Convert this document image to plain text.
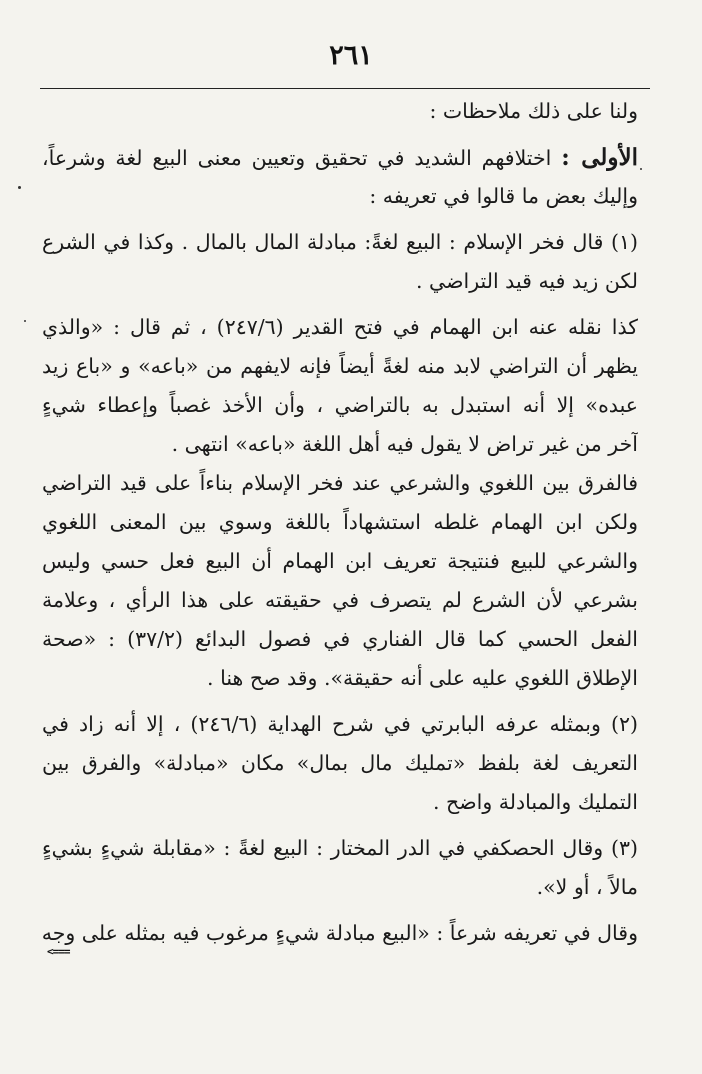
٢٦١
ولنا على ذلك ملاحظات :
الأولى : اختلافهم الشديد في تحقيق وتعيين معنى البيع لغة وشرعاً،
وإليك بعض ما قالوا في تعريفه :
(١) قال فخر الإسلام : البيع لغةً: مبادلة المال بالمال . وكذا في الشرع
لكن زيد فيه قيد التراضي .
كذا نقله عنه ابن الهمام في فتح القدير (٢٤٧/٦) ، ثم قال : «والذي
يظهر أن التراضي لابد منه لغةً أيضاً فإنه لايفهم من «باعه» و «باع زيد
عبده» إلا أنه استبدل به بالتراضي ، وأن الأخذ غصباً وإعطاء شيءٍ
آخر من غير تراض لا يقول فيه أهل اللغة «باعه» انتهى .
فالفرق بين اللغوي والشرعي عند فخر الإسلام بناءاً على قيد التراضي
ولكن ابن الهمام غلطه استشهاداً باللغة وسوي بين المعنى اللغوي
والشرعي للبيع فنتيجة تعريف ابن الهمام أن البيع فعل حسي وليس
بشرعي لأن الشرع لم يتصرف في حقيقته على هذا الرأي ، وعلامة
الفعل الحسي كما قال الفناري في فصول البدائع (٣٧/٢) : «صحة
الإطلاق اللغوي عليه على أنه حقيقة». وقد صح هنا .
(٢) وبمثله عرفه البابرتي في شرح الهداية (٢٤٦/٦) ، إلا أنه زاد في
التعريف لغة بلفظ «تمليك مال بمال» مكان «مبادلة» والفرق بين
التمليك والمبادلة واضح .
(٣) وقال الحصكفي في الدر المختار : البيع لغةً : «مقابلة شيءٍ بشيءٍ
مالاً ، أو لا».
وقال في تعريفه شرعاً : «البيع مبادلة شيءٍ مرغوب فيه بمثله على وجه
<===
